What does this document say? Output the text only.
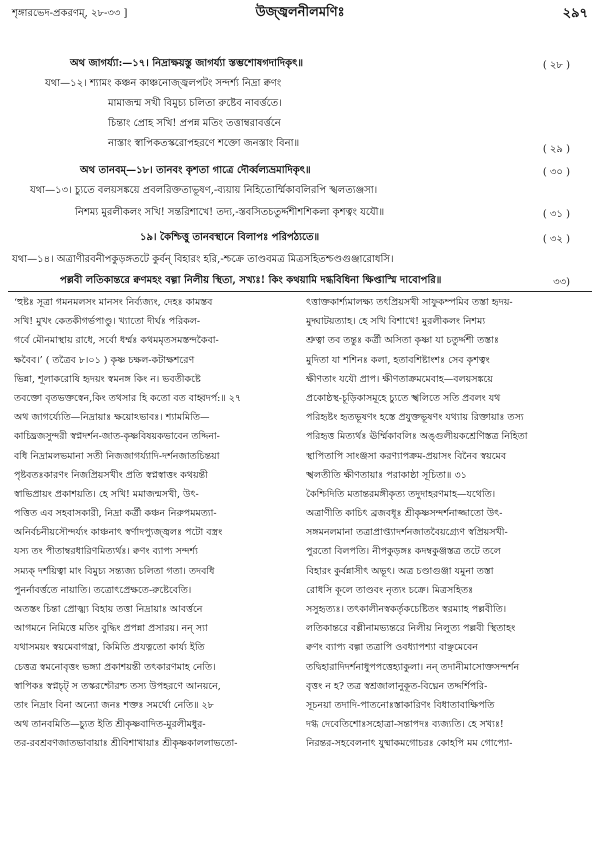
শৃঙ্গারভেদ-প্রকরণম্, ২৮-৩৩ ]	উজ্জ্বলনীলমণিঃ	২৯৭
অথ জাগর্য্যা:—১৭। নিদ্রাক্ষয়স্তু জাগর্য্যা স্তম্ভশোষগদাদিকৃৎ॥	( ২৮ )
যথা—১২। শ্যামং কঞ্চন কাঞ্চনোজ্জ্বলপটং সন্দর্শ্য নিদ্রা ক্বণং
মামাজন্ম সখী বিমুচ্য চলিতা রুষ্টেব নাবর্ত্ততে।
চিন্তাং প্রোহ সখি! প্রপন্ন মতিং তত্তাম্বরাবর্ত্তনে
নাস্তাং স্বাপিকতস্করোপহরণে শক্তো জনস্তাং বিনা॥
( ২৯ )
অথ তানবম্—১৮। তানবং কৃশতা গাত্রে দৌর্ব্বল্যভ্রমাদিকৃৎ॥	( ৩০ )
যথা—১৩। চ্যুতে বলয়সঙ্কয়ে প্রবলরিক্ততাভূষণ,-ব্যয়ায় নিহিতোর্ম্মিকাবলিরপি স্খলত্যঞ্জসা।
নিশম্য মুরলীকলং সখি! সন্তরিশাখে! তদ্য,-স্তবসিতচতুর্দ্দশীশশিকলা কৃশত্বং যযৌ॥	( ৩১ )
১৯। কৈশ্চিত্তু তানবস্থানে বিলাপঃ পরিপঠ্যতে॥	( ৩২ )
যথা—১৪। অত্রাণীরবনীপকুড়ঙ্গতটে কুর্বন্ বিহারং হরি,-শ্চক্রে তাণ্ডবমত্র মিত্রসহিতশ্চণ্ডগুঞ্জারোধসি।
পল্লবী লতিকান্তরে ক্বণমহং বল্গা নিলীয় স্থিতা, সখ্যঃ! কিং কথয়ামি দগ্ধবিধিনা ক্ষিপ্তাস্মি দাবোপরি॥	৩৩)
‘হুষ্টঃ সূত্রা গমনমলসং মানসং নির্ব্যজ্যং, দেহঃ কামস্তব
সখি! মুখং কেতকীগর্ভপাণ্ডু। খ্যাতো দীর্ঘঃ পরিকল-
গর্বে মৌনমাস্থায় রাধে, সর্বো ধর্ম্মঃ কথমমৃতসমস্তন্দকৈবা-
ক্ষবৈব।’ ( তত্রৈব ৮।০১ ) কৃষ্ণ চক্ষল-কটাক্ষশরেণ
ভিন্না, শূলাকরোষি হৃদয়ং স্বমনঙ্গ কিং ন। ভবতীকষ্টে
তবক্তো বৃতভক্তস্বেন,কিং তথসার হি কতো বত বাহ্বদর্প:॥ ২৭
অথ জাগর্য্যেতি—নিদ্রায়াঃ ক্ষয়োঽভাবঃ। শ্যামমিতি—
কাচিদ্ব্রজসুন্দরী স্বপ্নদর্শন-জাত-কৃষ্ণবিষয়কভাবেন তদ্দিনা-
বধি নিদ্রামলভমানা সতী নিজজাগর্য্যাদি-দর্শনজাতচিন্তয়া
পৃষ্টবতঃকারণং নিজপ্রিয়সখীং প্রতি স্বপ্নস্বাত্তং কথয়ন্তী
স্বাভিপ্রায়ং প্রকাশয়তি। হে সখি! মমাজন্মসখী, উৎ-
পত্তিত এব সহবাসকারী, নিদ্রা কর্ত্রী কঞ্চন নিরুপমমত্যা-
অনির্বচনীয়সৌন্দর্য্যং কাঞ্চনাৎ স্বর্ণাদপ্যুজ্জ্বলঃ পটো বস্ত্রং
যস্য তং পীতাম্বরধারিণমিত্যর্থঃ। ক্বণং ব্যাপ্য সন্দর্শ্য
সম্যক্ দর্শয়িত্বা মাং বিমুচ্য সন্ত্যজ্য চলিতা গতা। তদবধি
পুনর্নাবর্ত্ততে নায়াতি। তত্রোৎপ্রেক্ষতে-রুষ্টেবেতি।
অতস্তং চিন্তা প্রোজ্ঝ্য বিহায় তত্তা নিদ্রায়াঃ আবর্ত্তনে
আগমনে নিমিত্তে মতিং বুদ্ধিং প্রপন্না প্রসারয়। নন্ স্যা
যথাসময়ং স্বয়মেবাগন্ত্রা, কিমিতি প্রযত্নতো কার্য্য ইতি
চেত্তত্র স্বমনোবৃত্তং ভঙ্গ্যা প্রকাশয়ন্তী তৎকারণমাহ নেতি।
স্বাপিকঃ স্বপ্নচৃট্ স তস্করশ্চৌরশ্চ তস্য উপহরণে আনয়নে,
তাং নিদ্রাং বিনা অন্যো জনঃ শক্তঃ সমর্থো নেতি॥ ২৮
অথ তানবমিতি—চ্যুত ইতি শ্রীকৃষ্ণবাদিত-মুরলীমধুর-
তর-রবশ্রবণজাতভাবায়াঃ শ্রীবিশাখায়াঃ শ্রীকৃষ্ণকাললাভতো-
ৎত্তাক্তকার্শ্যমালক্ষ্য তৎপ্রিয়সখী সাফুকম্পমিব তস্তা হৃদয়-
মুদ্ঘাটয়ত্যাহ। হে সখি বিশাখে! মুরলীকলং নিশম্য
শ্রুত্বা তব তন্তুঃ কর্ত্রী অসিতা কৃষ্ণা যা চতুর্দ্দশী তস্তাঃ
মুদিতা যা শশিনঃ কলা, হতাবশিষ্টাংশঃ সেব কৃশত্বং
ক্ষীণতাং যযৌ প্রাপ। ক্ষীণতাক্রমমেবাহ—বলয়সঙ্কয়ে
প্রকোষ্ঠস্থ-চূড়িকাসমূহে চ্যুতে স্খলিতে সতি প্রবলং যথ
পরিহৃষ্টং হৃতভূষণং হস্তে প্রযুক্তভূষণং যথ্যায় রিক্তায়াঃ তস্য
পরিহৃত্ত মিত্যর্থঃ ঊর্ম্মিকাবলিঃ অঙ্গুলীয়কশ্রেণিস্তত্র নিহিতা
স্থাপিতাপি সাংঞ্জসা করণ্যাপক্রম-প্রয়াসং বিনৈব স্বয়মেব
স্খলতীতি ক্ষীণতায়াঃ পরাকাষ্ঠা সূচিতা॥ ৩১
কৈশ্চিদিতি মতান্তরমঙ্গীকৃত্য তদুদাহরণমাহ—যথেতি।
অত্রাণীতি কাচিৎ ব্রজবধূঃ শ্রীকৃষ্ণসন্দর্শনাজ্জাতো উৎ-
সঙ্গমনলমানা তত্রাপ্রাপ্ত্যাদর্শনজাতবৈয়গ্র্যেণ স্বপ্রিয়সখী-
পুরতো বিলপতি। নীপকুড়ঙ্গঃ কদম্বকুঞ্জস্তত্র তটে তলে
বিহারং কুর্বন্নাসীৎ অভূৎ। অত্র চণ্ডাগুঞ্জা যমুনা তস্তা
রোধসি কূলে তাণ্ডবং নৃত্যং চক্রে। মিত্রসহিতঃ
সসুহৃত্যঃ। তৎকালীনস্বকর্তৃকচেষ্টিতং স্বরম্যাহ পল্লবীতি।
লতিকান্তরে বল্লীনামভ্যন্তরে নিলীয় নিলুত্য পল্লবী স্থিতাহং
ক্বণং ব্যাপ্য বল্গা তত্রাপি ওবধ্যাপশ্যা বাঞ্ছমেবেন
তদ্বিহারাদিদর্শনাধুপপত্তেহ্যাকুলা। নন্ তদানীমাসোক্তসন্দর্শন
বৃত্তং ন হ? তত্র স্বশ্রজালানুকূত-বিঘ্নেন তদ্দর্শিপরি-
সূচনয়া তদাদি-পাতনোঃস্তাকারিণং বিধাতাবাক্ষিপতি
দগ্ধ দেবেতিশোঃসহোত্রা-সন্তাপদঃ ব্যজ্যতি। হে সখ্যঃ!
নিরন্তর-সহবেলনাৎ যুষ্মাকমগোচরঃ কোহপি মম গোপ্যো-
